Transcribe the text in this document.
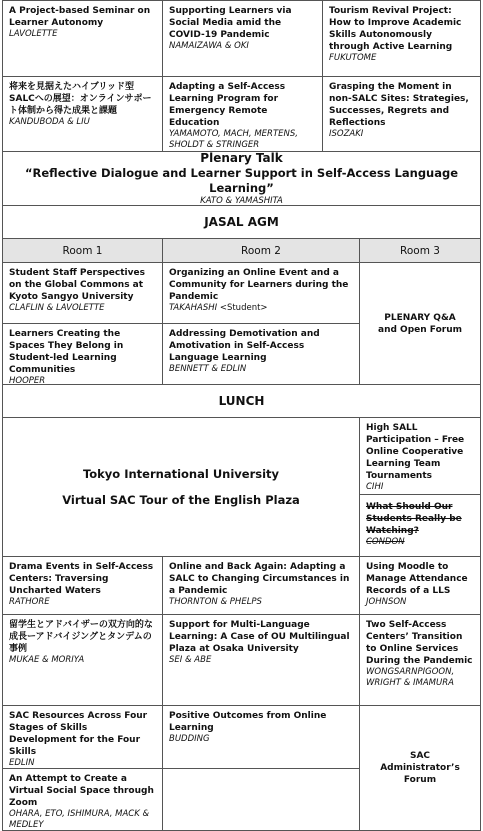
A Project-based Seminar on Learner Autonomy
LAVOLETTE
Supporting Learners via Social Media amid the COVID-19 Pandemic
NAMAIZAWA & OKI
Tourism Revival Project: How to Improve Academic Skills Autonomously through Active Learning
FUKUTOME
将来を見据えたハイブリッド型SALCへの展望：オンラインサポート体制から得た成果と課題
KANDUBODA & LIU
Adapting a Self-Access Learning Program for Emergency Remote Education
YAMAMOTO, MACH, MERTENS, SHOLDT & STRINGER
Grasping the Moment in non-SALC Sites: Strategies, Successes, Regrets and Reflections
ISOZAKI
Plenary Talk
“Reflective Dialogue and Learner Support in Self-Access Language Learning”
KATO & YAMASHITA
JASAL AGM
Room 1	Room 2	Room 3
Student Staff Perspectives on the Global Commons at Kyoto Sangyo University
CLAFLIN & LAVOLETTE
Organizing an Online Event and a Community for Learners during the Pandemic
TAKAHASHI <Student>
Learners Creating the Spaces They Belong in Student-led Learning Communities
HOOPER
Addressing Demotivation and Amotivation in Self-Access Language Learning
BENNETT & EDLIN
PLENARY Q&A and Open Forum
LUNCH
Tokyo International University
Virtual SAC Tour of the English Plaza
High SALL Participation – Free Online Cooperative Learning Team Tournaments
CIHI
What Should Our Students Really be Watching?
CONDON
Drama Events in Self-Access Centers: Traversing Uncharted Waters
RATHORE
Online and Back Again: Adapting a SALC to Changing Circumstances in a Pandemic
THORNTON & PHELPS
Using Moodle to Manage Attendance Records of a LLS
JOHNSON
留学生とアドバイザーの双方向的な成長ーアドバイジングとタンデムの事例
MUKAE & MORIYA
Support for Multi-Language Learning: A Case of OU Multilingual Plaza at Osaka University
SEI & ABE
Two Self-Access Centers’ Transition to Online Services During the Pandemic
WONGSARNPIGOON, WRIGHT & IMAMURA
SAC Resources Across Four Stages of Skills Development for the Four Skills
EDLIN
An Attempt to Create a Virtual Social Space through Zoom
OHARA, ETO, ISHIMURA, MACK & MEDLEY
Positive Outcomes from Online Learning
BUDDING
SAC Administrator’s Forum
